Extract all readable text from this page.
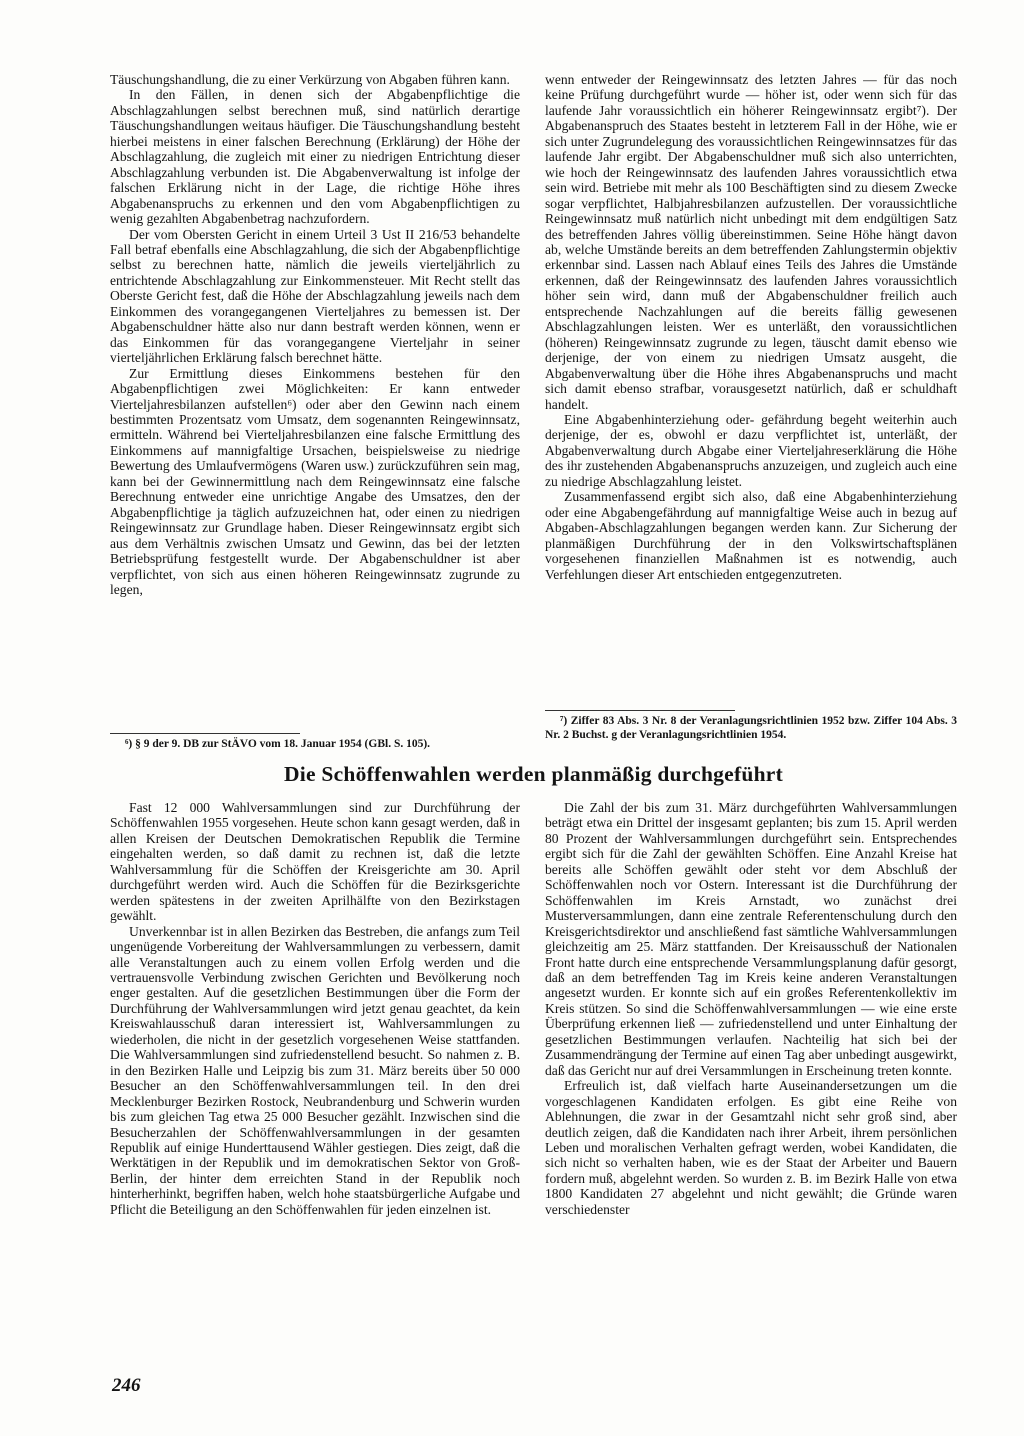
Täuschungshandlung, die zu einer Verkürzung von Abgaben führen kann.

In den Fällen, in denen sich der Abgabenpflichtige die Abschlagzahlungen selbst berechnen muß, sind natürlich derartige Täuschungshandlungen weitaus häufiger. Die Täuschungshandlung besteht hierbei meistens in einer falschen Berechnung (Erklärung) der Höhe der Abschlagzahlung, die zugleich mit einer zu niedrigen Entrichtung dieser Abschlagzahlung verbunden ist. Die Abgabenverwaltung ist infolge der falschen Erklärung nicht in der Lage, die richtige Höhe ihres Abgabenanspruchs zu erkennen und den vom Abgabenpflichtigen zu wenig gezahlten Abgabenbetrag nachzufordern.

Der vom Obersten Gericht in einem Urteil 3 Ust II 216/53 behandelte Fall betraf ebenfalls eine Abschlagzahlung, die sich der Abgabenpflichtige selbst zu berechnen hatte, nämlich die jeweils vierteljährlich zu entrichtende Abschlagzahlung zur Einkommensteuer. Mit Recht stellt das Oberste Gericht fest, daß die Höhe der Abschlagzahlung jeweils nach dem Einkommen des vorangegangenen Vierteljahres zu bemessen ist. Der Abgabenschuldner hätte also nur dann bestraft werden können, wenn er das Einkommen für das vorangegangene Vierteljahr in seiner vierteljährlichen Erklärung falsch berechnet hätte.

Zur Ermittlung dieses Einkommens bestehen für den Abgabenpflichtigen zwei Möglichkeiten: Er kann entweder Vierteljahresbilanzen aufstellen⁶) oder aber den Gewinn nach einem bestimmten Prozentsatz vom Umsatz, dem sogenannten Reingewinnsatz, ermitteln. Während bei Vierteljahresbilanzen eine falsche Ermittlung des Einkommens auf mannigfaltige Ursachen, beispielsweise zu niedrige Bewertung des Umlaufvermögens (Waren usw.) zurückzuführen sein mag, kann bei der Gewinnermittlung nach dem Reingewinnsatz eine falsche Berechnung entweder eine unrichtige Angabe des Umsatzes, den der Abgabenpflichtige ja täglich aufzuzeichnen hat, oder einen zu niedrigen Reingewinnsatz zur Grundlage haben. Dieser Reingewinnsatz ergibt sich aus dem Verhältnis zwischen Umsatz und Gewinn, das bei der letzten Betriebsprüfung festgestellt wurde. Der Abgabenschuldner ist aber verpflichtet, von sich aus einen höheren Reingewinnsatz zugrunde zu legen,

wenn entweder der Reingewinnsatz des letzten Jahres — für das noch keine Prüfung durchgeführt wurde — höher ist, oder wenn sich für das laufende Jahr voraussichtlich ein höherer Reingewinnsatz ergibt⁷). Der Abgabenanspruch des Staates besteht in letzterem Fall in der Höhe, wie er sich unter Zugrundelegung des voraussichtlichen Reingewinnsatzes für das laufende Jahr ergibt. Der Abgabenschuldner muß sich also unterrichten, wie hoch der Reingewinnsatz des laufenden Jahres voraussichtlich etwa sein wird. Betriebe mit mehr als 100 Beschäftigten sind zu diesem Zwecke sogar verpflichtet, Halbjahresbilanzen aufzustellen. Der voraussichtliche Reingewinnsatz muß natürlich nicht unbedingt mit dem endgültigen Satz des betreffenden Jahres völlig übereinstimmen. Seine Höhe hängt davon ab, welche Umstände bereits an dem betreffenden Zahlungstermin objektiv erkennbar sind. Lassen nach Ablauf eines Teils des Jahres die Umstände erkennen, daß der Reingewinnsatz des laufenden Jahres voraussichtlich höher sein wird, dann muß der Abgabenschuldner freilich auch entsprechende Nachzahlungen auf die bereits fällig gewesenen Abschlagzahlungen leisten. Wer es unterläßt, den voraussichtlichen (höheren) Reingewinnsatz zugrunde zu legen, täuscht damit ebenso wie derjenige, der von einem zu niedrigen Umsatz ausgeht, die Abgabenverwaltung über die Höhe ihres Abgabenanspruchs und macht sich damit ebenso strafbar, vorausgesetzt natürlich, daß er schuldhaft handelt.

Eine Abgabenhinterziehung oder- gefährdung begeht weiterhin auch derjenige, der es, obwohl er dazu verpflichtet ist, unterläßt, der Abgabenverwaltung durch Abgabe einer Vierteljahreserklärung die Höhe des ihr zustehenden Abgabenanspruchs anzuzeigen, und zugleich auch eine zu niedrige Abschlagzahlung leistet.

Zusammenfassend ergibt sich also, daß eine Abgabenhinterziehung oder eine Abgabengefährdung auf mannigfaltige Weise auch in bezug auf Abgaben-Abschlagzahlungen begangen werden kann. Zur Sicherung der planmäßigen Durchführung der in den Volkswirtschaftsplänen vorgesehenen finanziellen Maßnahmen ist es notwendig, auch Verfehlungen dieser Art entschieden entgegenzutreten.

⁶) § 9 der 9. DB zur StÄVO vom 18. Januar 1954 (GBl. S. 105).

⁷) Ziffer 83 Abs. 3 Nr. 8 der Veranlagungsrichtlinien 1952 bzw. Ziffer 104 Abs. 3 Nr. 2 Buchst. g der Veranlagungsrichtlinien 1954.

Die Schöffenwahlen werden planmäßig durchgeführt

Fast 12 000 Wahlversammlungen sind zur Durchführung der Schöffenwahlen 1955 vorgesehen. Heute schon kann gesagt werden, daß in allen Kreisen der Deutschen Demokratischen Republik die Termine eingehalten werden, so daß damit zu rechnen ist, daß die letzte Wahlversammlung für die Schöffen der Kreisgerichte am 30. April durchgeführt werden wird. Auch die Schöffen für die Bezirksgerichte werden spätestens in der zweiten Aprilhälfte von den Bezirkstagen gewählt.

Unverkennbar ist in allen Bezirken das Bestreben, die anfangs zum Teil ungenügende Vorbereitung der Wahlversammlungen zu verbessern, damit alle Veranstaltungen auch zu einem vollen Erfolg werden und die vertrauensvolle Verbindung zwischen Gerichten und Bevölkerung noch enger gestalten. Auf die gesetzlichen Bestimmungen über die Form der Durchführung der Wahlversammlungen wird jetzt genau geachtet, da kein Kreiswahlausschuß daran interessiert ist, Wahlversammlungen zu wiederholen, die nicht in der gesetzlich vorgesehenen Weise stattfanden. Die Wahlversammlungen sind zufriedenstellend besucht. So nahmen z. B. in den Bezirken Halle und Leipzig bis zum 31. März bereits über 50 000 Besucher an den Schöffenwahlversammlungen teil. In den drei Mecklenburger Bezirken Rostock, Neubrandenburg und Schwerin wurden bis zum gleichen Tag etwa 25 000 Besucher gezählt. Inzwischen sind die Besucherzahlen der Schöffenwahlversammlungen in der gesamten Republik auf einige Hunderttausend Wähler gestiegen. Dies zeigt, daß die Werktätigen in der Republik und im demokratischen Sektor von Groß-Berlin, der hinter dem erreichten Stand in der Republik noch hinterherhinkt, begriffen haben, welch hohe staatsbürgerliche Aufgabe und Pflicht die Beteiligung an den Schöffenwahlen für jeden einzelnen ist.

Die Zahl der bis zum 31. März durchgeführten Wahlversammlungen beträgt etwa ein Drittel der insgesamt geplanten; bis zum 15. April werden 80 Prozent der Wahlversammlungen durchgeführt sein. Entsprechendes ergibt sich für die Zahl der gewählten Schöffen. Eine Anzahl Kreise hat bereits alle Schöffen gewählt oder steht vor dem Abschluß der Schöffenwahlen noch vor Ostern. Interessant ist die Durchführung der Schöffenwahlen im Kreis Arnstadt, wo zunächst drei Musterversammlungen, dann eine zentrale Referentenschulung durch den Kreisgerichtsdirektor und anschließend fast sämtliche Wahlversammlungen gleichzeitig am 25. März stattfanden. Der Kreisausschuß der Nationalen Front hatte durch eine entsprechende Versammlungsplanung dafür gesorgt, daß an dem betreffenden Tag im Kreis keine anderen Veranstaltungen angesetzt wurden. Er konnte sich auf ein großes Referentenkollektiv im Kreis stützen. So sind die Schöffenwahlversammlungen — wie eine erste Überprüfung erkennen ließ — zufriedenstellend und unter Einhaltung der gesetzlichen Bestimmungen verlaufen. Nachteilig hat sich bei der Zusammendrängung der Termine auf einen Tag aber unbedingt ausgewirkt, daß das Gericht nur auf drei Versammlungen in Erscheinung treten konnte.

Erfreulich ist, daß vielfach harte Auseinandersetzungen um die vorgeschlagenen Kandidaten erfolgen. Es gibt eine Reihe von Ablehnungen, die zwar in der Gesamtzahl nicht sehr groß sind, aber deutlich zeigen, daß die Kandidaten nach ihrer Arbeit, ihrem persönlichen Leben und moralischen Verhalten gefragt werden, wobei Kandidaten, die sich nicht so verhalten haben, wie es der Staat der Arbeiter und Bauern fordern muß, abgelehnt werden. So wurden z. B. im Bezirk Halle von etwa 1800 Kandidaten 27 abgelehnt und nicht gewählt; die Gründe waren verschiedenster

246
